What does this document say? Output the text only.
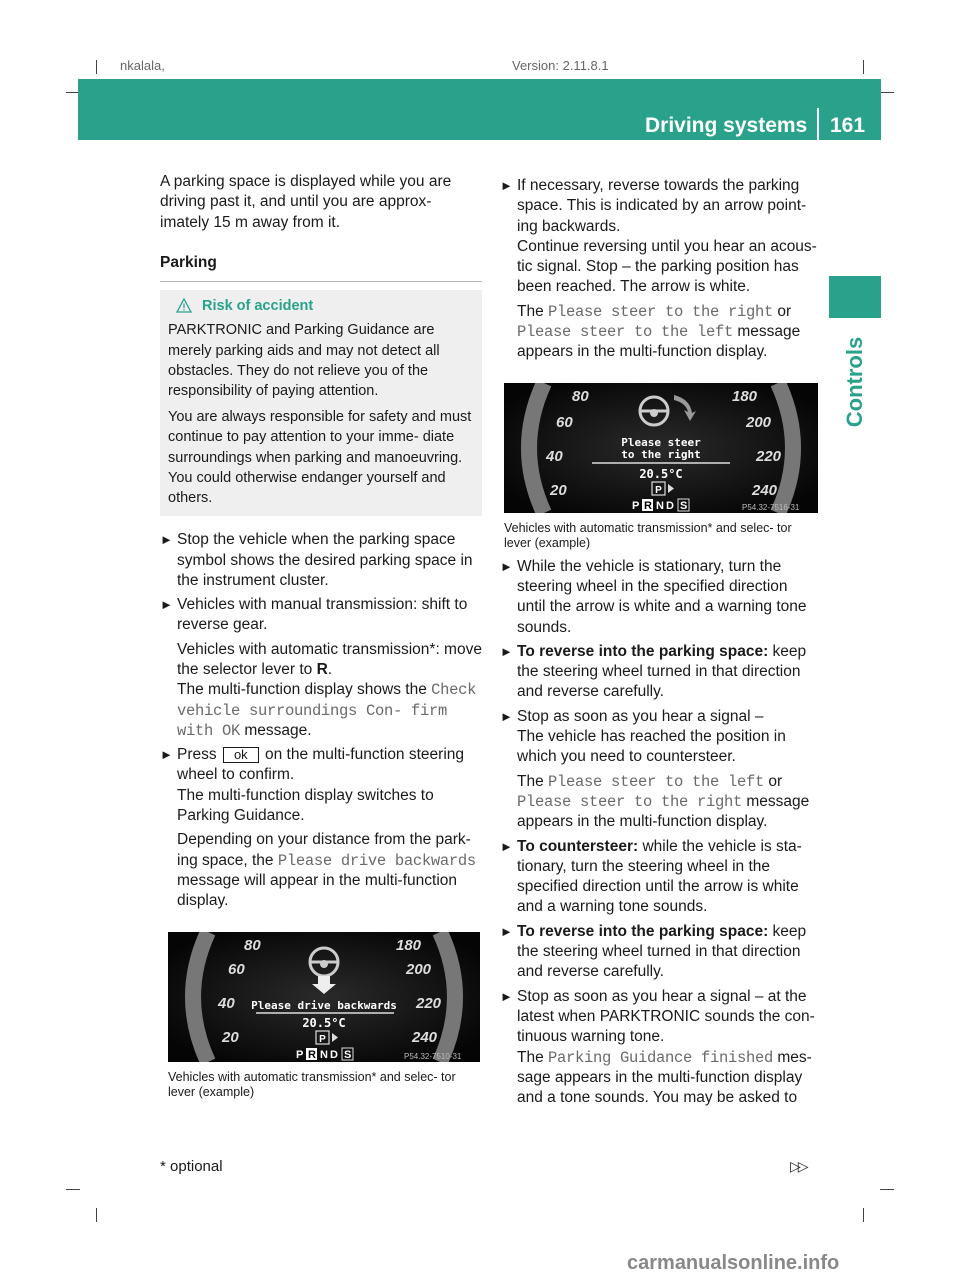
nkalala,	Version: 2.11.8.1
Driving systems 161
Controls

A parking space is displayed while you are driving past it, and until you are approx- imately 15 m away from it.

Parking

Risk of accident

PARKTRONIC and Parking Guidance are merely parking aids and may not detect all obstacles. They do not relieve you of the responsibility of paying attention.

You are always responsible for safety and must continue to pay attention to your imme- diate surroundings when parking and manoeuvring. You could otherwise endanger yourself and others.

► Stop the vehicle when the parking space symbol shows the desired parking space in the instrument cluster.

► Vehicles with manual transmission: shift to reverse gear.

Vehicles with automatic transmission*: move the selector lever to R.
The multi-function display shows the Check vehicle surroundings Con‐ firm with OK message.

► Press ok on the multi-function steering wheel to confirm.
The multi-function display switches to Parking Guidance.

Depending on your distance from the park- ing space, the Please drive backwards message will appear in the multi-function display.

80
60
40
20
180
200
220
240
Please drive backwards
20.5°C
P
P R N D S	P54.32-7510-31

Vehicles with automatic transmission* and selec- tor lever (example)

► If necessary, reverse towards the parking space. This is indicated by an arrow point- ing backwards.
Continue reversing until you hear an acous- tic signal. Stop – the parking position has been reached. The arrow is white.

The Please steer to the right or Please steer to the left message appears in the multi-function display.

80
60
40
20
180
200
220
240
Please steer
to the right
20.5°C
P
P R N D S	P54.32-7516-31

Vehicles with automatic transmission* and selec- tor lever (example)

► While the vehicle is stationary, turn the steering wheel in the specified direction until the arrow is white and a warning tone sounds.

► To reverse into the parking space: keep the steering wheel turned in that direction and reverse carefully.

► Stop as soon as you hear a signal –
The vehicle has reached the position in which you need to countersteer.

The Please steer to the left or Please steer to the right message appears in the multi-function display.

► To countersteer: while the vehicle is sta- tionary, turn the steering wheel in the specified direction until the arrow is white and a warning tone sounds.

► To reverse into the parking space: keep the steering wheel turned in that direction and reverse carefully.

► Stop as soon as you hear a signal – at the latest when PARKTRONIC sounds the con- tinuous warning tone.
The Parking Guidance finished mes- sage appears in the multi-function display and a tone sounds. You may be asked to

* optional	▷▷
carmanualsonline.info
